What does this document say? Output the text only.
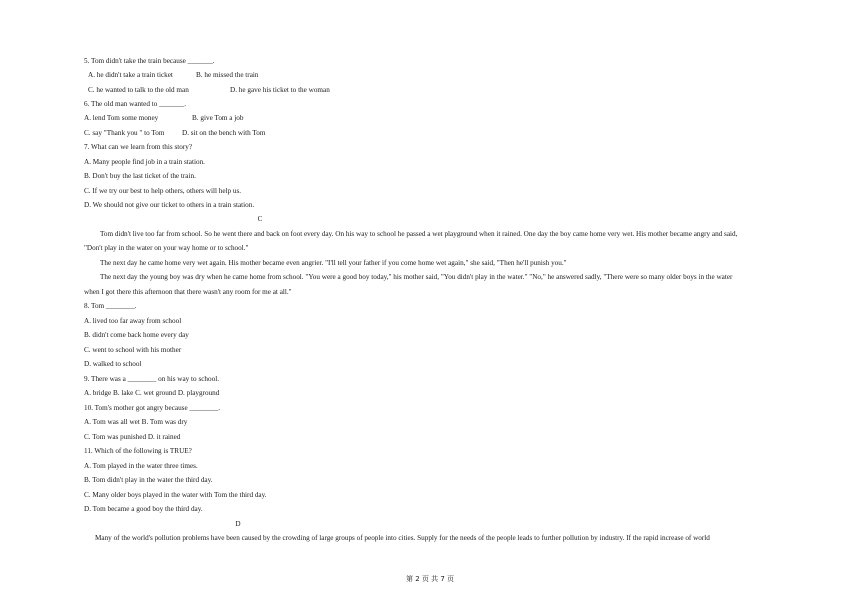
5. Tom didn't take the train because _______.
A. he didn't take a train ticket	B. he missed the train
C. he wanted to talk to the old man	D. he gave his ticket to the woman
6. The old man wanted to _______.
A. lend Tom some money	B. give Tom a job
C. say "Thank you " to Tom D. sit on the bench with Tom
7. What can we learn from this story?
A. Many people find job in a train station.
B. Don't buy the last ticket of the train.
C. If we try our best to help others, others will help us.
D. We should not give our ticket to others in a train station.
C
Tom didn't live too far from school. So he went there and back on foot every day. On his way to school he passed a wet playground when it rained. One day the boy came home very wet. His mother became angry and said,
"Don't play in the water on your way home or to school."
The next day he came home very wet again. His mother became even angrier. "I'll tell your father if you come home wet again," she said, "Then he'll punish you."
The next day the young boy was dry when he came home from school. "You were a good boy today," his mother said, "You didn't play in the water." "No," he answered sadly, "There were so many older boys in the water
when I got there this afternoon that there wasn't any room for me at all."
8. Tom ________.
A. lived too far away from school
B. didn't come back home every day
C. went to school with his mother
D. walked to school
9. There was a ________ on his way to school.
A. bridge B. lake C. wet ground D. playground
10. Tom's mother got angry because ________.
A. Tom was all wet B. Tom was dry
C. Tom was punished D. it rained
11. Which of the following is TRUE?
A. Tom played in the water three times.
B. Tom didn't play in the water the third day.
C. Many older boys played in the water with Tom the third day.
D. Tom became a good boy the third day.
D
Many of the world's pollution problems have been caused by the crowding of large groups of people into cities. Supply for the needs of the people leads to further pollution by industry. If the rapid increase of world
第 2 页 共 7 页
